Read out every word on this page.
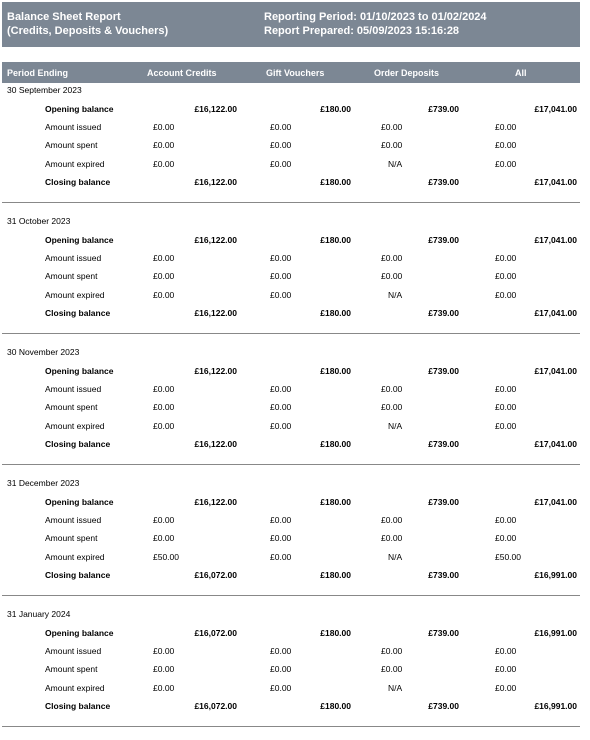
Balance Sheet Report
(Credits, Deposits & Vouchers)
Reporting Period: 01/10/2023 to 01/02/2024
Report Prepared: 05/09/2023 15:16:28
Period Ending	Account Credits	Gift Vouchers	Order Deposits	All
30 September 2023
Opening balance	£16,122.00	£180.00	£739.00	£17,041.00
Amount issued	£0.00	£0.00	£0.00	£0.00
Amount spent	£0.00	£0.00	£0.00	£0.00
Amount expired	£0.00	£0.00	N/A	£0.00
Closing balance	£16,122.00	£180.00	£739.00	£17,041.00
31 October 2023
Opening balance	£16,122.00	£180.00	£739.00	£17,041.00
Amount issued	£0.00	£0.00	£0.00	£0.00
Amount spent	£0.00	£0.00	£0.00	£0.00
Amount expired	£0.00	£0.00	N/A	£0.00
Closing balance	£16,122.00	£180.00	£739.00	£17,041.00
30 November 2023
Opening balance	£16,122.00	£180.00	£739.00	£17,041.00
Amount issued	£0.00	£0.00	£0.00	£0.00
Amount spent	£0.00	£0.00	£0.00	£0.00
Amount expired	£0.00	£0.00	N/A	£0.00
Closing balance	£16,122.00	£180.00	£739.00	£17,041.00
31 December 2023
Opening balance	£16,122.00	£180.00	£739.00	£17,041.00
Amount issued	£0.00	£0.00	£0.00	£0.00
Amount spent	£0.00	£0.00	£0.00	£0.00
Amount expired	£50.00	£0.00	N/A	£50.00
Closing balance	£16,072.00	£180.00	£739.00	£16,991.00
31 January 2024
Opening balance	£16,072.00	£180.00	£739.00	£16,991.00
Amount issued	£0.00	£0.00	£0.00	£0.00
Amount spent	£0.00	£0.00	£0.00	£0.00
Amount expired	£0.00	£0.00	N/A	£0.00
Closing balance	£16,072.00	£180.00	£739.00	£16,991.00
